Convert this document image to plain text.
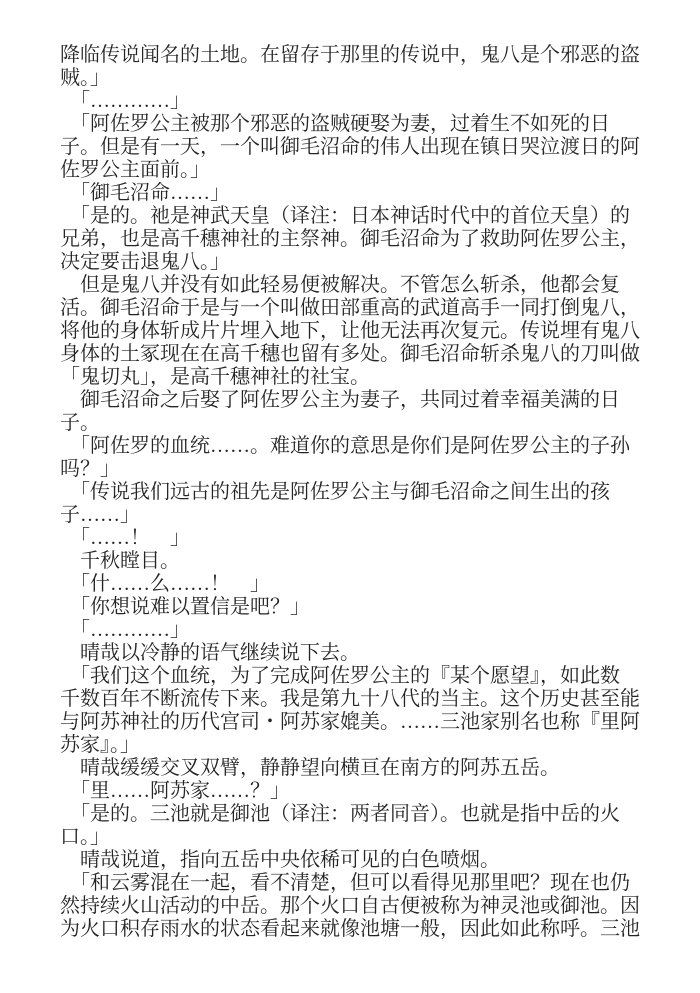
降临传说闻名的土地。在留存于那里的传说中，鬼八是个邪恶的盗
贼。」
　「…………」
　「阿佐罗公主被那个邪恶的盗贼硬娶为妻，过着生不如死的日
子。但是有一天，一个叫御毛沼命的伟人出现在镇日哭泣渡日的阿
佐罗公主面前。」
　「御毛沼命……」
　「是的。祂是神武天皇（译注：日本神话时代中的首位天皇）的
兄弟，也是高千穗神社的主祭神。御毛沼命为了救助阿佐罗公主，
决定要击退鬼八。」
　但是鬼八并没有如此轻易便被解决。不管怎么斩杀，他都会复
活。御毛沼命于是与一个叫做田部重高的武道高手一同打倒鬼八，
将他的身体斩成片片埋入地下，让他无法再次复元。传说埋有鬼八
身体的土冢现在在高千穗也留有多处。御毛沼命斩杀鬼八的刀叫做
「鬼切丸」，是高千穗神社的社宝。
　御毛沼命之后娶了阿佐罗公主为妻子，共同过着幸福美满的日
子。
　「阿佐罗的血统……。难道你的意思是你们是阿佐罗公主的子孙
吗？」
　「传说我们远古的祖先是阿佐罗公主与御毛沼命之间生出的孩
子……」
　「……！　」
　千秋瞠目。
　「什……么……！　」
　「你想说难以置信是吧？」
　「…………」
　晴哉以冷静的语气继续说下去。
　「我们这个血统，为了完成阿佐罗公主的『某个愿望』，如此数
千数百年不断流传下来。我是第九十八代的当主。这个历史甚至能
与阿苏神社的历代宫司・阿苏家媲美。……三池家别名也称『里阿
苏家』。」
　晴哉缓缓交叉双臂，静静望向横亘在南方的阿苏五岳。
　「里……阿苏家……？」
　「是的。三池就是御池（译注：两者同音）。也就是指中岳的火
口。」
　晴哉说道，指向五岳中央依稀可见的白色喷烟。
　「和云雾混在一起，看不清楚，但可以看得见那里吧？现在也仍
然持续火山活动的中岳。那个火口自古便被称为神灵池或御池。因
为火口积存雨水的状态看起来就像池塘一般，因此如此称呼。三池
